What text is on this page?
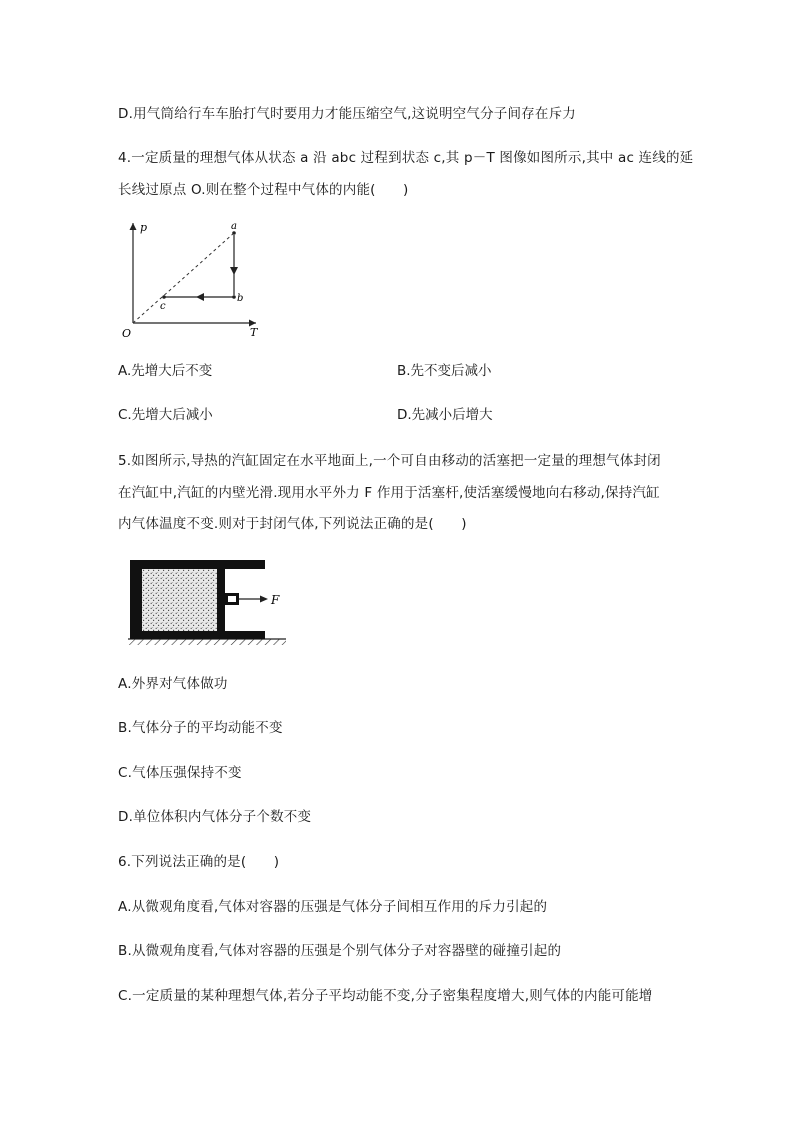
D.用气筒给行车车胎打气时要用力才能压缩空气,这说明空气分子间存在斥力
4.一定质量的理想气体从状态 a 沿 abc 过程到状态 c,其 p－T 图像如图所示,其中 ac 连线的延
长线过原点 O.则在整个过程中气体的内能(　　)
p
T
O
a
b
c
A.先增大后不变	B.先不变后减小
C.先增大后减小	D.先减小后增大
5.如图所示,导热的汽缸固定在水平地面上,一个可自由移动的活塞把一定量的理想气体封闭
在汽缸中,汽缸的内壁光滑.现用水平外力 F 作用于活塞杆,使活塞缓慢地向右移动,保持汽缸
内气体温度不变.则对于封闭气体,下列说法正确的是(　　)
F
A.外界对气体做功
B.气体分子的平均动能不变
C.气体压强保持不变
D.单位体积内气体分子个数不变
6.下列说法正确的是(　　)
A.从微观角度看,气体对容器的压强是气体分子间相互作用的斥力引起的
B.从微观角度看,气体对容器的压强是个别气体分子对容器壁的碰撞引起的
C.一定质量的某种理想气体,若分子平均动能不变,分子密集程度增大,则气体的内能可能增
